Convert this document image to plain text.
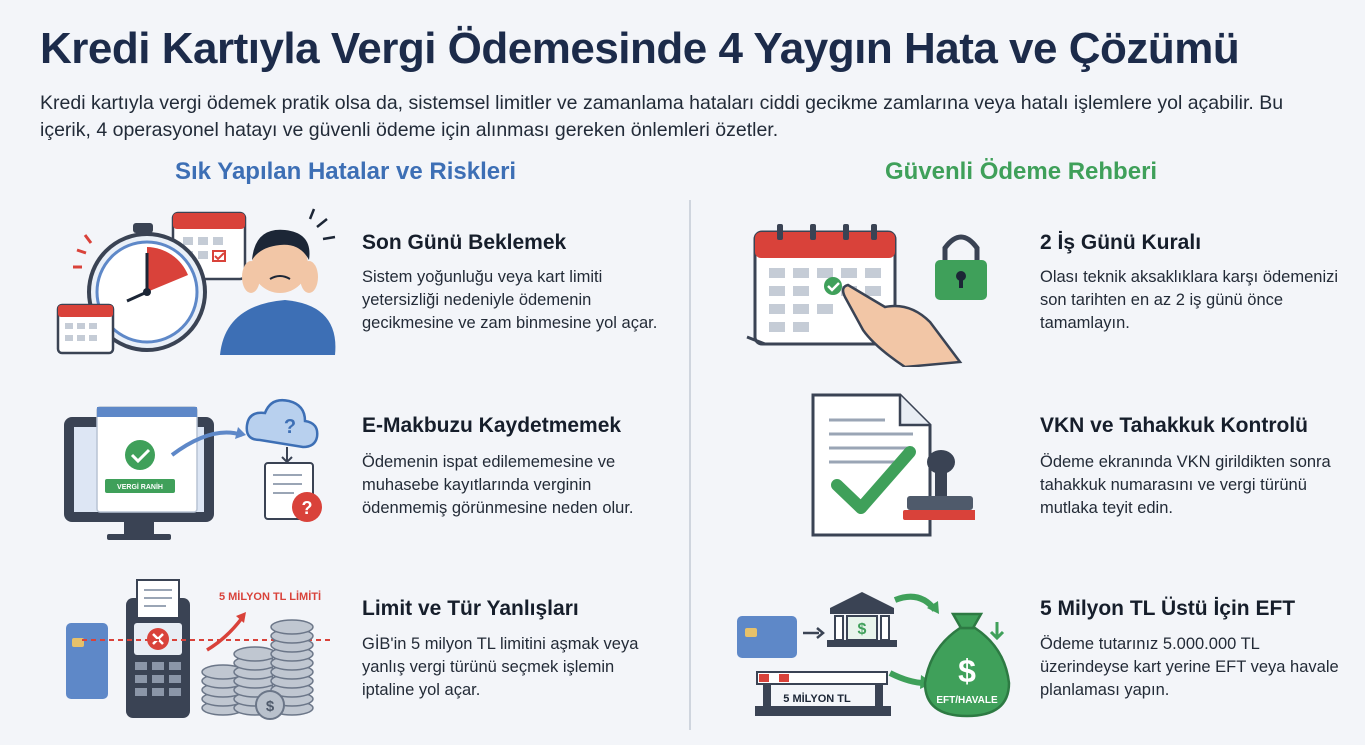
Kredi Kartıyla Vergi Ödemesinde 4 Yaygın Hata ve Çözümü
Kredi kartıyla vergi ödemek pratik olsa da, sistemsel limitler ve zamanlama hataları ciddi gecikme zamlarına veya hatalı işlemlere yol açabilir. Bu içerik, 4 operasyonel hatayı ve güvenli ödeme için alınması gereken önlemleri özetler.
Sık Yapılan Hatalar ve Riskleri	Güvenli Ödeme Rehberi
Son Günü Beklemek
Sistem yoğunluğu veya kart limiti yetersizliği nedeniyle ödemenin gecikmesine ve zam binmesine yol açar.
VERGİ RANİH
?
?
E-Makbuzu Kaydetmemek
Ödemenin ispat edilememesine ve muhasebe kayıtlarında verginin ödenmemiş görünmesine neden olur.
5 MİLYON TL LİMİTİ
$
Limit ve Tür Yanlışları
GİB'in 5 milyon TL limitini aşmak veya yanlış vergi türünü seçmek işlemin iptaline yol açar.
2 İş Günü Kuralı
Olası teknik aksaklıklara karşı ödemenizi son tarihten en az 2 iş günü önce tamamlayın.
VKN ve Tahakkuk Kontrolü
Ödeme ekranında VKN girildikten sonra tahakkuk numarasını ve vergi türünü mutlaka teyit edin.
$
5 MİLYON TL
$
EFT/HAVALE
5 Milyon TL Üstü İçin EFT
Ödeme tutarınız 5.000.000 TL üzerindeyse kart yerine EFT veya havale planlaması yapın.
